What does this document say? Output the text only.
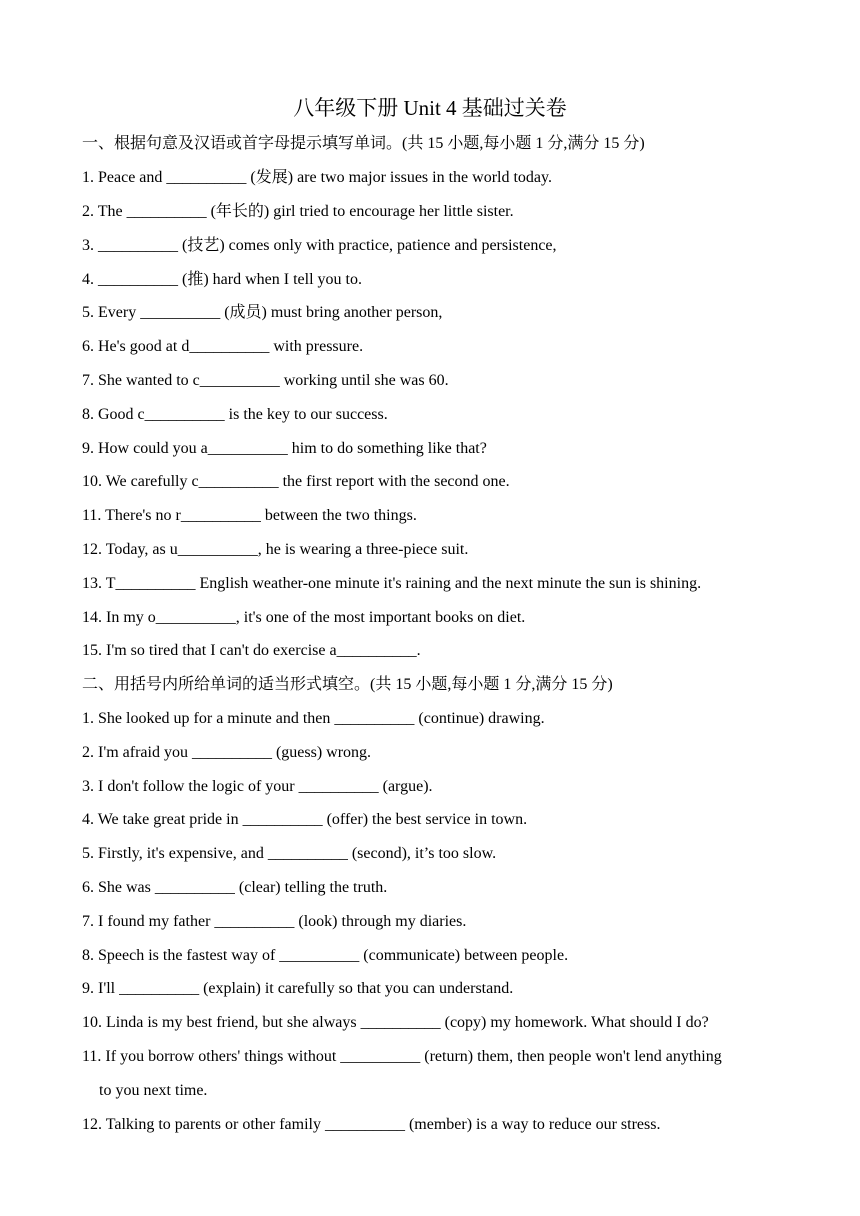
八年级下册 Unit 4 基础过关卷
一、根据句意及汉语或首字母提示填写单词。(共 15 小题,每小题 1 分,满分 15 分)
1. Peace and __________ (发展) are two major issues in the world today.
2. The __________ (年长的) girl tried to encourage her little sister.
3. __________ (技艺) comes only with practice, patience and persistence,
4. __________ (推) hard when I tell you to.
5. Every __________ (成员) must bring another person,
6. He's good at d__________ with pressure.
7. She wanted to c__________ working until she was 60.
8. Good c__________ is the key to our success.
9. How could you a__________ him to do something like that?
10. We carefully c__________ the first report with the second one.
11. There's no r__________ between the two things.
12. Today, as u__________, he is wearing a three-piece suit.
13. T__________ English weather-one minute it's raining and the next minute the sun is shining.
14. In my o__________, it's one of the most important books on diet.
15. I'm so tired that I can't do exercise a__________.
二、用括号内所给单词的适当形式填空。(共 15 小题,每小题 1 分,满分 15 分)
1. She looked up for a minute and then __________ (continue) drawing.
2. I'm afraid you __________ (guess) wrong.
3. I don't follow the logic of your __________ (argue).
4. We take great pride in __________ (offer) the best service in town.
5. Firstly, it's expensive, and __________ (second), it’s too slow.
6. She was __________ (clear) telling the truth.
7. I found my father __________ (look) through my diaries.
8. Speech is the fastest way of __________ (communicate) between people.
9. I'll __________ (explain) it carefully so that you can understand.
10. Linda is my best friend, but she always __________ (copy) my homework. What should I do?
11. If you borrow others' things without __________ (return) them, then people won't lend anything
to you next time.
12. Talking to parents or other family __________ (member) is a way to reduce our stress.
